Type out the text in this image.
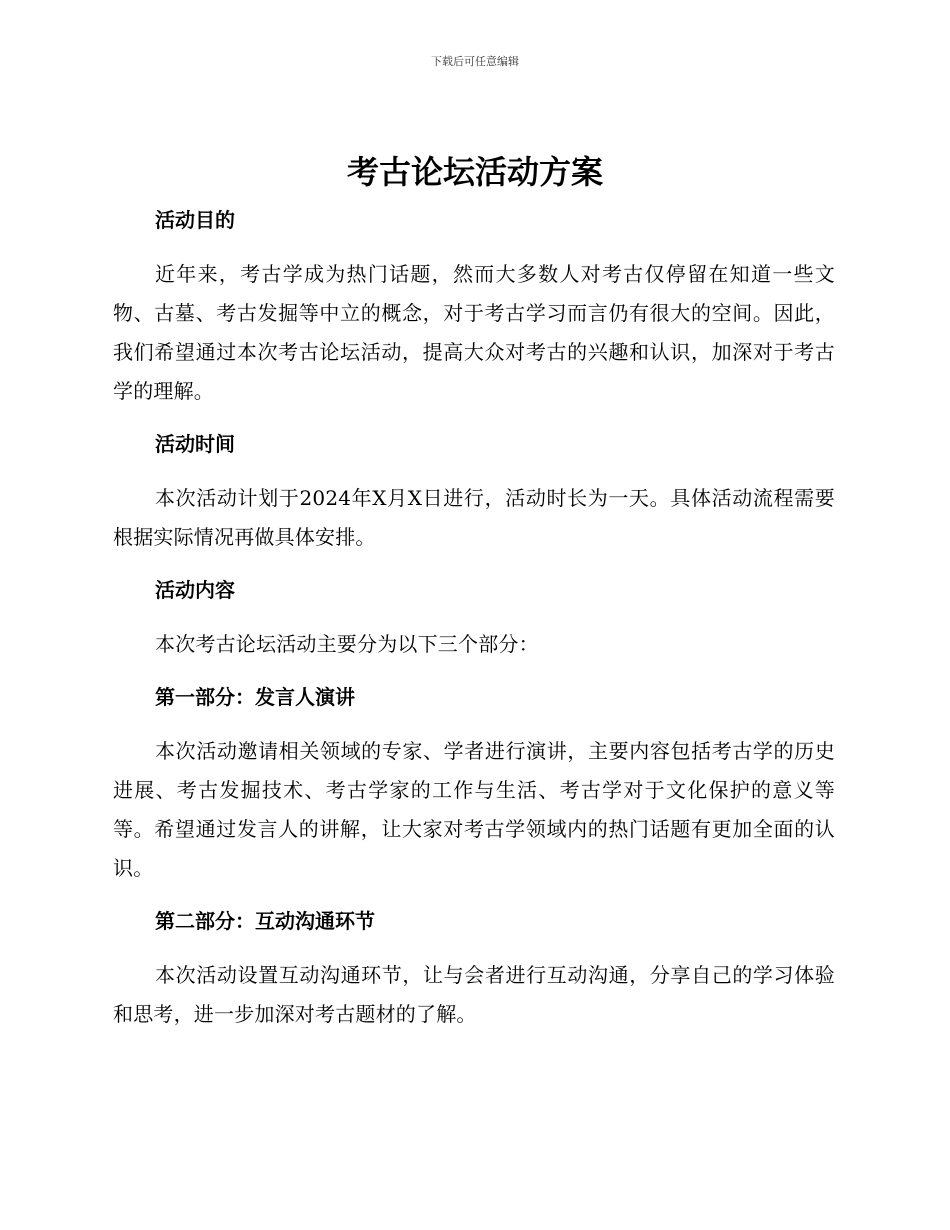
下载后可任意编辑
考古论坛活动方案
活动目的

近年来，考古学成为热门话题，然而大多数人对考古仅停留在知道一些文物、古墓、考古发掘等中立的概念，对于考古学习而言仍有很大的空间。因此，我们希望通过本次考古论坛活动，提高大众对考古的兴趣和认识，加深对于考古学的理解。

活动时间

本次活动计划于2024年X月X日进行，活动时长为一天。具体活动流程需要根据实际情况再做具体安排。

活动内容

本次考古论坛活动主要分为以下三个部分：

第一部分：发言人演讲

本次活动邀请相关领域的专家、学者进行演讲，主要内容包括考古学的历史进展、考古发掘技术、考古学家的工作与生活、考古学对于文化保护的意义等等。希望通过发言人的讲解，让大家对考古学领域内的热门话题有更加全面的认识。

第二部分：互动沟通环节

本次活动设置互动沟通环节，让与会者进行互动沟通，分享自己的学习体验和思考，进一步加深对考古题材的了解。
